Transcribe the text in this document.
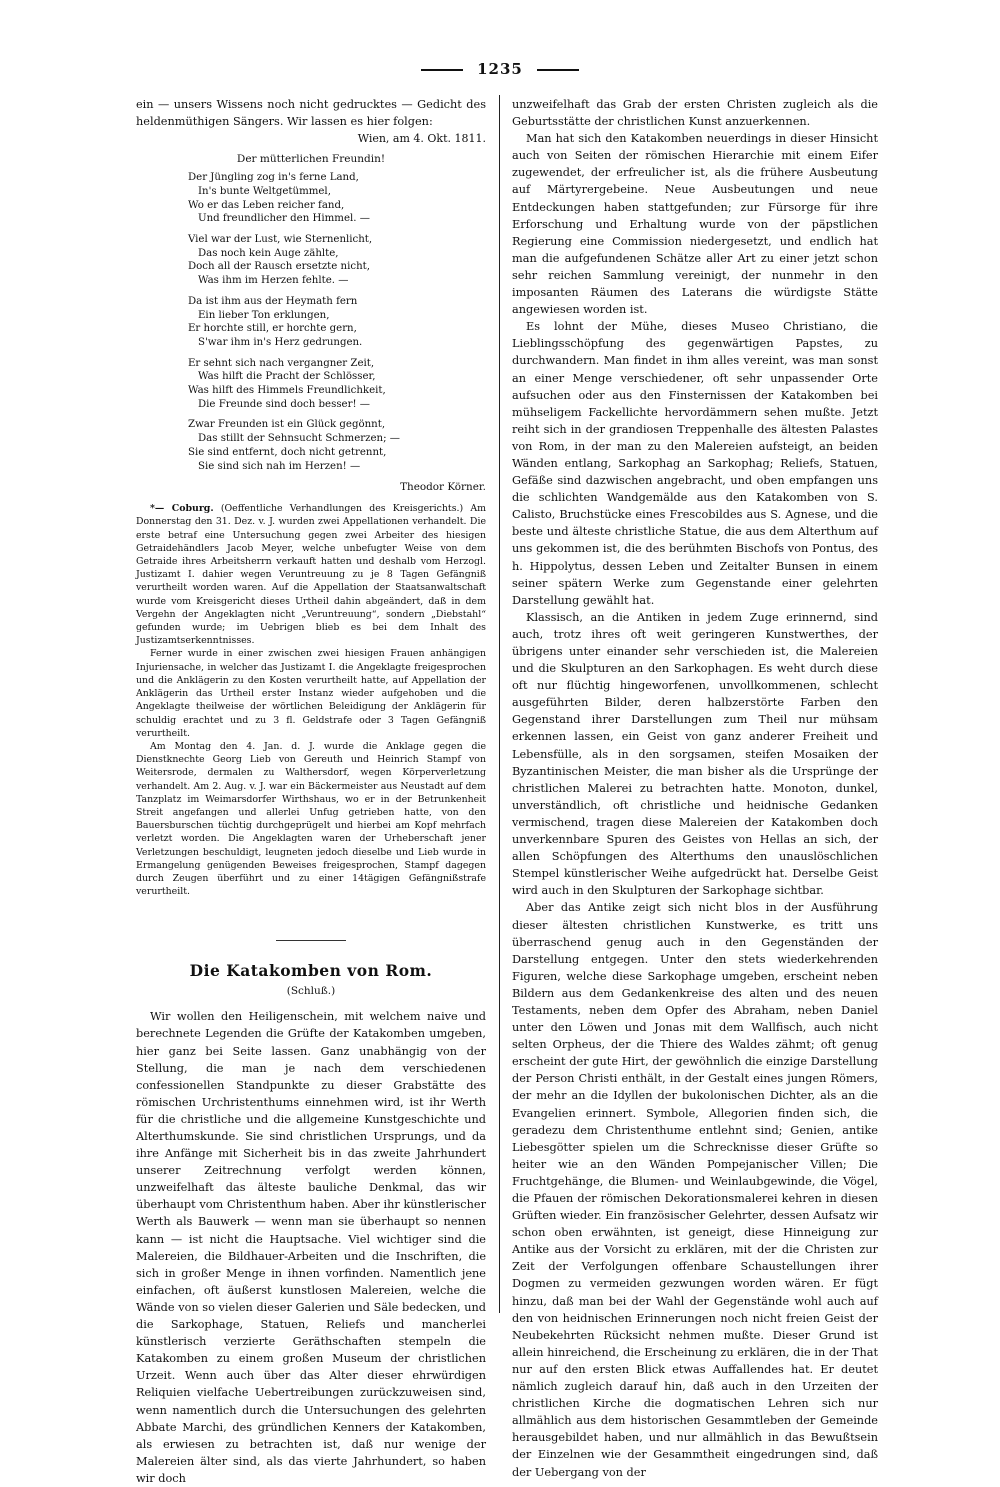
1235

ein — unsers Wissens noch nicht gedrucktes — Gedicht des heldenmüthigen Sängers. Wir lassen es hier folgen:

Wien, am 4. Okt. 1811.
Der mütterlichen Freundin!
Der Jüngling zog in's ferne Land,
In's bunte Weltgetümmel,
Wo er das Leben reicher fand,
Und freundlicher den Himmel. —
Viel war der Lust, wie Sternenlicht,
Das noch kein Auge zählte,
Doch all der Rausch ersetzte nicht,
Was ihm im Herzen fehlte. —
Da ist ihm aus der Heymath fern
Ein lieber Ton erklungen,
Er horchte still, er horchte gern,
S'war ihm in's Herz gedrungen.
Er sehnt sich nach vergangner Zeit,
Was hilft die Pracht der Schlösser,
Was hilft des Himmels Freundlichkeit,
Die Freunde sind doch besser! —
Zwar Freunden ist ein Glück gegönnt,
Das stillt der Sehnsucht Schmerzen; —
Sie sind entfernt, doch nicht getrennt,
Sie sind sich nah im Herzen! —
Theodor Körner.

*— Coburg. (Oeffentliche Verhandlungen des Kreisgerichts.) Am Donnerstag den 31. Dez. v. J. wurden zwei Appellationen verhandelt. Die erste betraf eine Untersuchung gegen zwei Arbeiter des hiesigen Getraidehändlers Jacob Meyer, welche unbefugter Weise von dem Getraide ihres Arbeitsherrn verkauft hatten und deshalb vom Herzogl. Justizamt I. dahier wegen Veruntreuung zu je 8 Tagen Gefängniß verurtheilt worden waren. Auf die Appellation der Staatsanwaltschaft wurde vom Kreisgericht dieses Urtheil dahin abgeändert, daß in dem Vergehn der Angeklagten nicht „Veruntreuung“, sondern „Diebstahl“ gefunden wurde; im Uebrigen blieb es bei dem Inhalt des Justizamtserkenntnisses.

Ferner wurde in einer zwischen zwei hiesigen Frauen anhängigen Injuriensache, in welcher das Justizamt I. die Angeklagte freigesprochen und die Anklägerin zu den Kosten verurtheilt hatte, auf Appellation der Anklägerin das Urtheil erster Instanz wieder aufgehoben und die Angeklagte theilweise der wörtlichen Beleidigung der Anklägerin für schuldig erachtet und zu 3 fl. Geldstrafe oder 3 Tagen Gefängniß verurtheilt.

Am Montag den 4. Jan. d. J. wurde die Anklage gegen die Dienstknechte Georg Lieb von Gereuth und Heinrich Stampf von Weitersrode, dermalen zu Walthersdorf, wegen Körperverletzung verhandelt. Am 2. Aug. v. J. war ein Bäckermeister aus Neustadt auf dem Tanzplatz im Weimarsdorfer Wirthshaus, wo er in der Betrunkenheit Streit angefangen und allerlei Unfug getrieben hatte, von den Bauersburschen tüchtig durchgeprügelt und hierbei am Kopf mehrfach verletzt worden. Die Angeklagten waren der Urheberschaft jener Verletzungen beschuldigt, leugneten jedoch dieselbe und Lieb wurde in Ermangelung genügenden Beweises freigesprochen, Stampf dagegen durch Zeugen überführt und zu einer 14tägigen Gefängnißstrafe verurtheilt.

Die Katakomben von Rom.
(Schluß.)

Wir wollen den Heiligenschein, mit welchem naive und berechnete Legenden die Grüfte der Katakomben umgeben, hier ganz bei Seite lassen. Ganz unabhängig von der Stellung, die man je nach dem verschiedenen confessionellen Standpunkte zu dieser Grabstätte des römischen Urchristenthums einnehmen wird, ist ihr Werth für die christliche und die allgemeine Kunstgeschichte und Alterthumskunde. Sie sind christlichen Ursprungs, und da ihre Anfänge mit Sicherheit bis in das zweite Jahrhundert unserer Zeitrechnung verfolgt werden können, unzweifelhaft das älteste bauliche Denkmal, das wir überhaupt vom Christenthum haben. Aber ihr künstlerischer Werth als Bauwerk — wenn man sie überhaupt so nennen kann — ist nicht die Hauptsache. Viel wichtiger sind die Malereien, die Bildhauer-Arbeiten und die Inschriften, die sich in großer Menge in ihnen vorfinden. Namentlich jene einfachen, oft äußerst kunstlosen Malereien, welche die Wände von so vielen dieser Galerien und Säle bedecken, und die Sarkophage, Statuen, Reliefs und mancherlei künstlerisch verzierte Geräthschaften stempeln die Katakomben zu einem großen Museum der christlichen Urzeit. Wenn auch über das Alter dieser ehrwürdigen Reliquien vielfache Uebertreibungen zurückzuweisen sind, wenn namentlich durch die Untersuchungen des gelehrten Abbate Marchi, des gründlichen Kenners der Katakomben, als erwiesen zu betrachten ist, daß nur wenige der Malereien älter sind, als das vierte Jahrhundert, so haben wir doch

unzweifelhaft das Grab der ersten Christen zugleich als die Geburtsstätte der christlichen Kunst anzuerkennen.

Man hat sich den Katakomben neuerdings in dieser Hinsicht auch von Seiten der römischen Hierarchie mit einem Eifer zugewendet, der erfreulicher ist, als die frühere Ausbeutung auf Märtyrergebeine. Neue Ausbeutungen und neue Entdeckungen haben stattgefunden; zur Fürsorge für ihre Erforschung und Erhaltung wurde von der päpstlichen Regierung eine Commission niedergesetzt, und endlich hat man die aufgefundenen Schätze aller Art zu einer jetzt schon sehr reichen Sammlung vereinigt, der nunmehr in den imposanten Räumen des Laterans die würdigste Stätte angewiesen worden ist.

Es lohnt der Mühe, dieses Museo Christiano, die Lieblingsschöpfung des gegenwärtigen Papstes, zu durchwandern. Man findet in ihm alles vereint, was man sonst an einer Menge verschiedener, oft sehr unpassender Orte aufsuchen oder aus den Finsternissen der Katakomben bei mühseligem Fackellichte hervordämmern sehen mußte. Jetzt reiht sich in der grandiosen Treppenhalle des ältesten Palastes von Rom, in der man zu den Malereien aufsteigt, an beiden Wänden entlang, Sarkophag an Sarkophag; Reliefs, Statuen, Gefäße sind dazwischen angebracht, und oben empfangen uns die schlichten Wandgemälde aus den Katakomben von S. Calisto, Bruchstücke eines Frescobildes aus S. Agnese, und die beste und älteste christliche Statue, die aus dem Alterthum auf uns gekommen ist, die des berühmten Bischofs von Pontus, des h. Hippolytus, dessen Leben und Zeitalter Bunsen in einem seiner spätern Werke zum Gegenstande einer gelehrten Darstellung gewählt hat.

Klassisch, an die Antiken in jedem Zuge erinnernd, sind auch, trotz ihres oft weit geringeren Kunstwerthes, der übrigens unter einander sehr verschieden ist, die Malereien und die Skulpturen an den Sarkophagen. Es weht durch diese oft nur flüchtig hingeworfenen, unvollkommenen, schlecht ausgeführten Bilder, deren halbzerstörte Farben den Gegenstand ihrer Darstellungen zum Theil nur mühsam erkennen lassen, ein Geist von ganz anderer Freiheit und Lebensfülle, als in den sorgsamen, steifen Mosaiken der Byzantinischen Meister, die man bisher als die Ursprünge der christlichen Malerei zu betrachten hatte. Monoton, dunkel, unverständlich, oft christliche und heidnische Gedanken vermischend, tragen diese Malereien der Katakomben doch unverkennbare Spuren des Geistes von Hellas an sich, der allen Schöpfungen des Alterthums den unauslöschlichen Stempel künstlerischer Weihe aufgedrückt hat. Derselbe Geist wird auch in den Skulpturen der Sarkophage sichtbar.

Aber das Antike zeigt sich nicht blos in der Ausführung dieser ältesten christlichen Kunstwerke, es tritt uns überraschend genug auch in den Gegenständen der Darstellung entgegen. Unter den stets wiederkehrenden Figuren, welche diese Sarkophage umgeben, erscheint neben Bildern aus dem Gedankenkreise des alten und des neuen Testaments, neben dem Opfer des Abraham, neben Daniel unter den Löwen und Jonas mit dem Wallfisch, auch nicht selten Orpheus, der die Thiere des Waldes zähmt; oft genug erscheint der gute Hirt, der gewöhnlich die einzige Darstellung der Person Christi enthält, in der Gestalt eines jungen Römers, der mehr an die Idyllen der bukolonischen Dichter, als an die Evangelien erinnert. Symbole, Allegorien finden sich, die geradezu dem Christenthume entlehnt sind; Genien, antike Liebesgötter spielen um die Schrecknisse dieser Grüfte so heiter wie an den Wänden Pompejanischer Villen; Die Fruchtgehänge, die Blumen- und Weinlaubgewinde, die Vögel, die Pfauen der römischen Dekorationsmalerei kehren in diesen Grüften wieder. Ein französischer Gelehrter, dessen Aufsatz wir schon oben erwähnten, ist geneigt, diese Hinneigung zur Antike aus der Vorsicht zu erklären, mit der die Christen zur Zeit der Verfolgungen offenbare Schaustellungen ihrer Dogmen zu vermeiden gezwungen worden wären. Er fügt hinzu, daß man bei der Wahl der Gegenstände wohl auch auf den von heidnischen Erinnerungen noch nicht freien Geist der Neubekehrten Rücksicht nehmen mußte. Dieser Grund ist allein hinreichend, die Erscheinung zu erklären, die in der That nur auf den ersten Blick etwas Auffallendes hat. Er deutet nämlich zugleich darauf hin, daß auch in den Urzeiten der christlichen Kirche die dogmatischen Lehren sich nur allmählich aus dem historischen Gesammtleben der Gemeinde herausgebildet haben, und nur allmählich in das Bewußtsein der Einzelnen wie der Gesammtheit eingedrungen sind, daß der Uebergang von der
